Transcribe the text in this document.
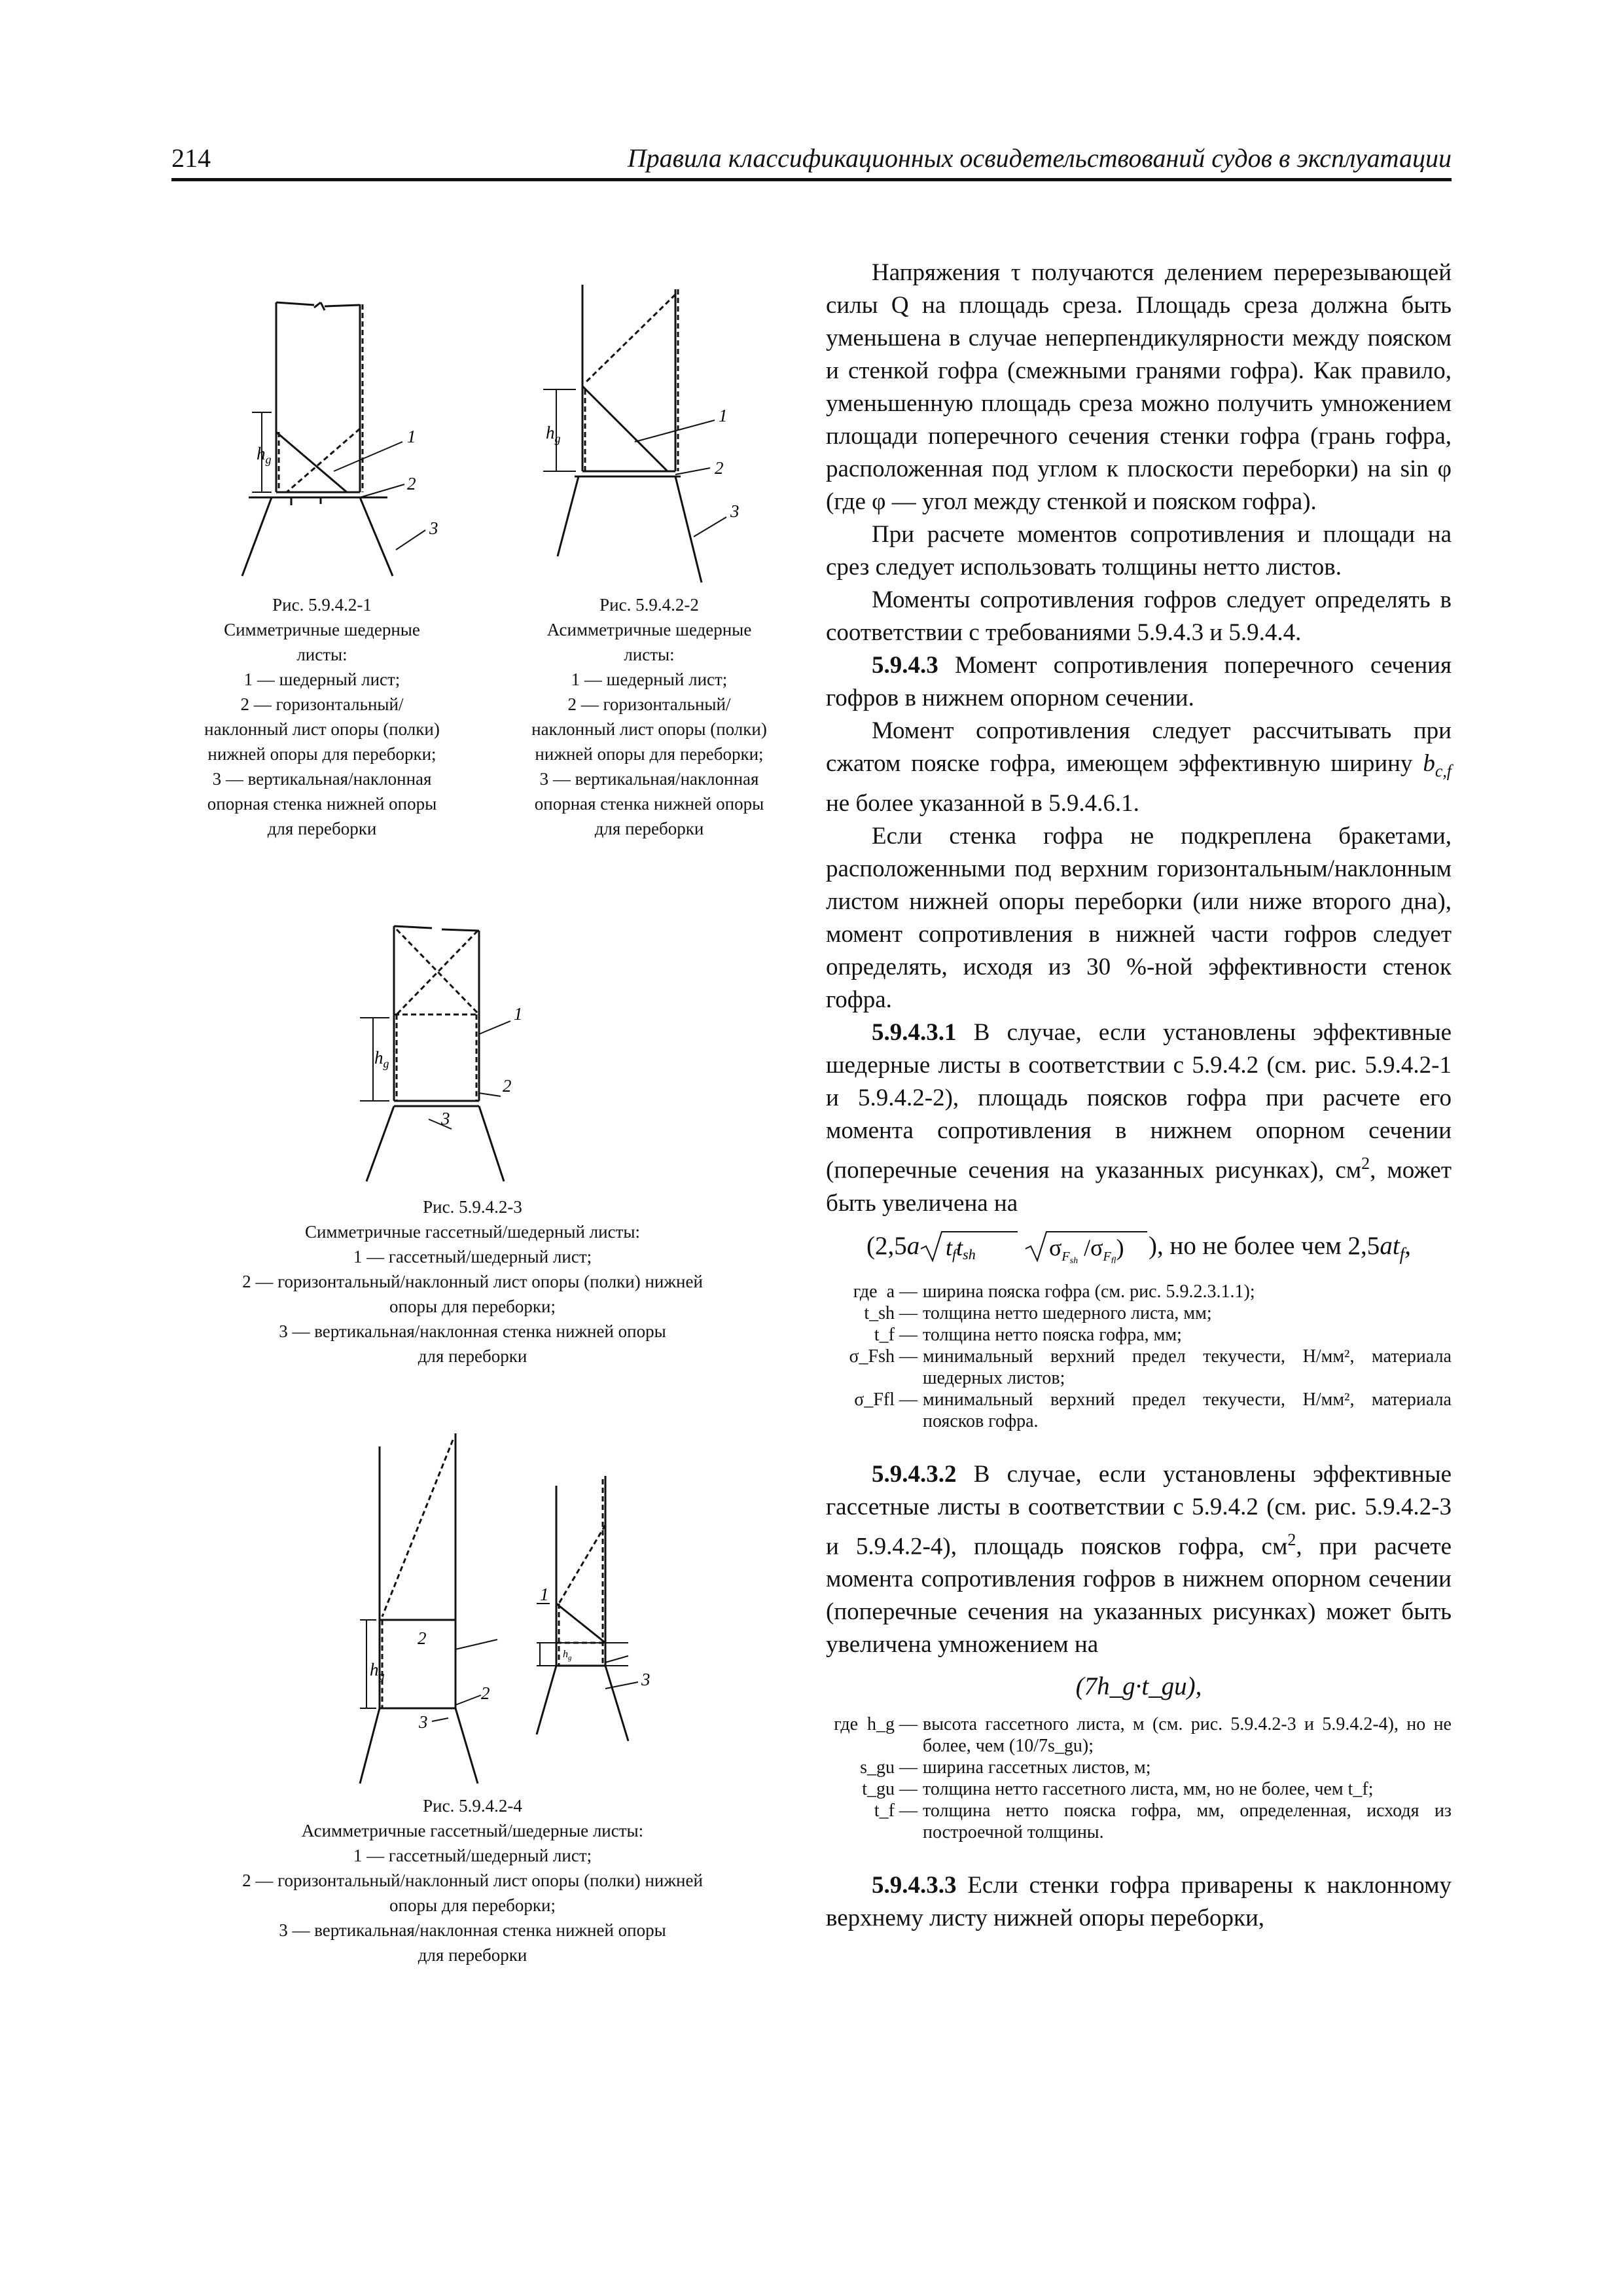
214	Правила классификационных освидетельствований судов в эксплуатации
$h_g$
1
2
3
Рис. 5.9.4.2-1
Симметричные шедерные
листы:
1 — шедерный лист;
2 — горизонтальный/
наклонный лист опоры (полки)
нижней опоры для переборки;
3 — вертикальная/наклонная
опорная стенка нижней опоры
для переборки
$h_g$
1
2
3
Рис. 5.9.4.2-2
Асимметричные шедерные
листы:
1 — шедерный лист;
2 — горизонтальный/
наклонный лист опоры (полки)
нижней опоры для переборки;
3 — вертикальная/наклонная
опорная стенка нижней опоры
для переборки
$h_g$
1
2
3
Рис. 5.9.4.2-3
Симметричные гассетный/шедерный листы:
1 — гассетный/шедерный лист;
2 — горизонтальный/наклонный лист опоры (полки) нижней
опоры для переборки;
3 — вертикальная/наклонная стенка нижней опоры
для переборки
$h_g$
1
2
2
3
3
$h_g$
Рис. 5.9.4.2-4
Асимметричные гассетный/шедерные листы:
1 — гассетный/шедерный лист;
2 — горизонтальный/наклонный лист опоры (полки) нижней
опоры для переборки;
3 — вертикальная/наклонная стенка нижней опоры
для переборки

Напряжения τ получаются делением перерезывающей силы Q на площадь среза. Площадь среза должна быть уменьшена в случае неперпендикулярности между пояском и стенкой гофра (смежными гранями гофра). Как правило, уменьшенную площадь среза можно получить умножением площади поперечного сечения стенки гофра (грань гофра, расположенная под углом к плоскости переборки) на sin φ (где φ — угол между стенкой и пояском гофра).

При расчете моментов сопротивления и площади на срез следует использовать толщины нетто листов.

Моменты сопротивления гофров следует определять в соответствии с требованиями 5.9.4.3 и 5.9.4.4.

5.9.4.3 Момент сопротивления поперечного сечения гофров в нижнем опорном сечении.

Момент сопротивления следует рассчитывать при сжатом пояске гофра, имеющем эффективную ширину $b_{c,f}$ не более указанной в 5.9.4.6.1.

Если стенка гофра не подкреплена бракетами, расположенными под верхним горизонтальным/наклонным листом нижней опоры переборки (или ниже второго дна), момент сопротивления в нижней части гофров следует определять, исходя из 30 %-ной эффективности стенок гофра.

5.9.4.3.1 В случае, если установлены эффективные шедерные листы в соответствии с 5.9.4.2 (см. рис. 5.9.4.2-1 и 5.9.4.2-2), площадь поясков гофра при расчете его момента сопротивления в нижнем опорном сечении (поперечные сечения на указанных рисунках), $см^2$, может быть увеличена на

(2,5a tftsh
	$\sigma_Fsh$ $/\sigma_Ffl$) ), но не более чем $2,5at_f$,
где a —	ширина пояска гофра (см. рис. 5.9.2.3.1.1);
t_sh —	толщина нетто шедерного листа, мм;
t_f —	толщина нетто пояска гофра, мм;
σ_Fsh —	минимальный верхний предел текучести, Н/мм², материала шедерных листов;
σ_Ffl —	минимальный верхний предел текучести, Н/мм², материала поясков гофра.

5.9.4.3.2 В случае, если установлены эффективные гассетные листы в соответствии с 5.9.4.2 (см. рис. 5.9.4.2-3 и 5.9.4.2-4), площадь поясков гофра, $см^2$, при расчете момента сопротивления гофров в нижнем опорном сечении (поперечные сечения на указанных рисунках) может быть увеличена умножением на

(7h_g·t_gu),
где h_g —	высота гассетного листа, м (см. рис. 5.9.4.2-3 и 5.9.4.2-4), но не более, чем (10/7s_gu);
s_gu —	ширина гассетных листов, м;
t_gu —	толщина нетто гассетного листа, мм, но не более, чем t_f;
t_f —	толщина нетто пояска гофра, мм, определенная, исходя из построечной толщины.

5.9.4.3.3 Если стенки гофра приварены к наклонному верхнему листу нижней опоры переборки,
